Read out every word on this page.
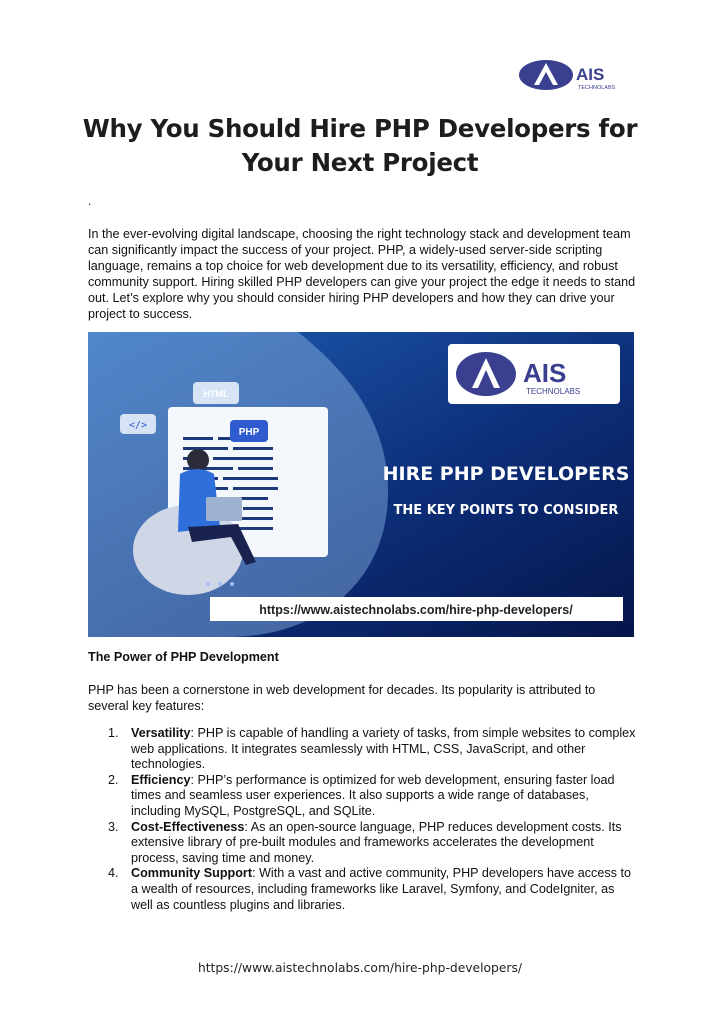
AIS
TECHNOLABS
Why You Should Hire PHP Developers for
Your Next Project
.

In the ever-evolving digital landscape, choosing the right technology stack and development team can significantly impact the success of your project. PHP, a widely-used server-side scripting language, remains a top choice for web development due to its versatility, efficiency, and robust community support. Hiring skilled PHP developers can give your project the edge it needs to stand out. Let’s explore why you should consider hiring PHP developers and how they can drive your project to success.

HTML
PHP
</>
AIS
TECHNOLABS
HIRE PHP DEVELOPERS
THE KEY POINTS TO CONSIDER
https://www.aistechnolabs.com/hire-php-developers/
The Power of PHP Development

PHP has been a cornerstone in web development for decades. Its popularity is attributed to several key features:

1. Versatility: PHP is capable of handling a variety of tasks, from simple websites to complex web applications. It integrates seamlessly with HTML, CSS, JavaScript, and other technologies.
2. Efficiency: PHP’s performance is optimized for web development, ensuring faster load times and seamless user experiences. It also supports a wide range of databases, including MySQL, PostgreSQL, and SQLite.
3. Cost-Effectiveness: As an open-source language, PHP reduces development costs. Its extensive library of pre-built modules and frameworks accelerates the development process, saving time and money.
4. Community Support: With a vast and active community, PHP developers have access to a wealth of resources, including frameworks like Laravel, Symfony, and CodeIgniter, as well as countless plugins and libraries.
https://www.aistechnolabs.com/hire-php-developers/
